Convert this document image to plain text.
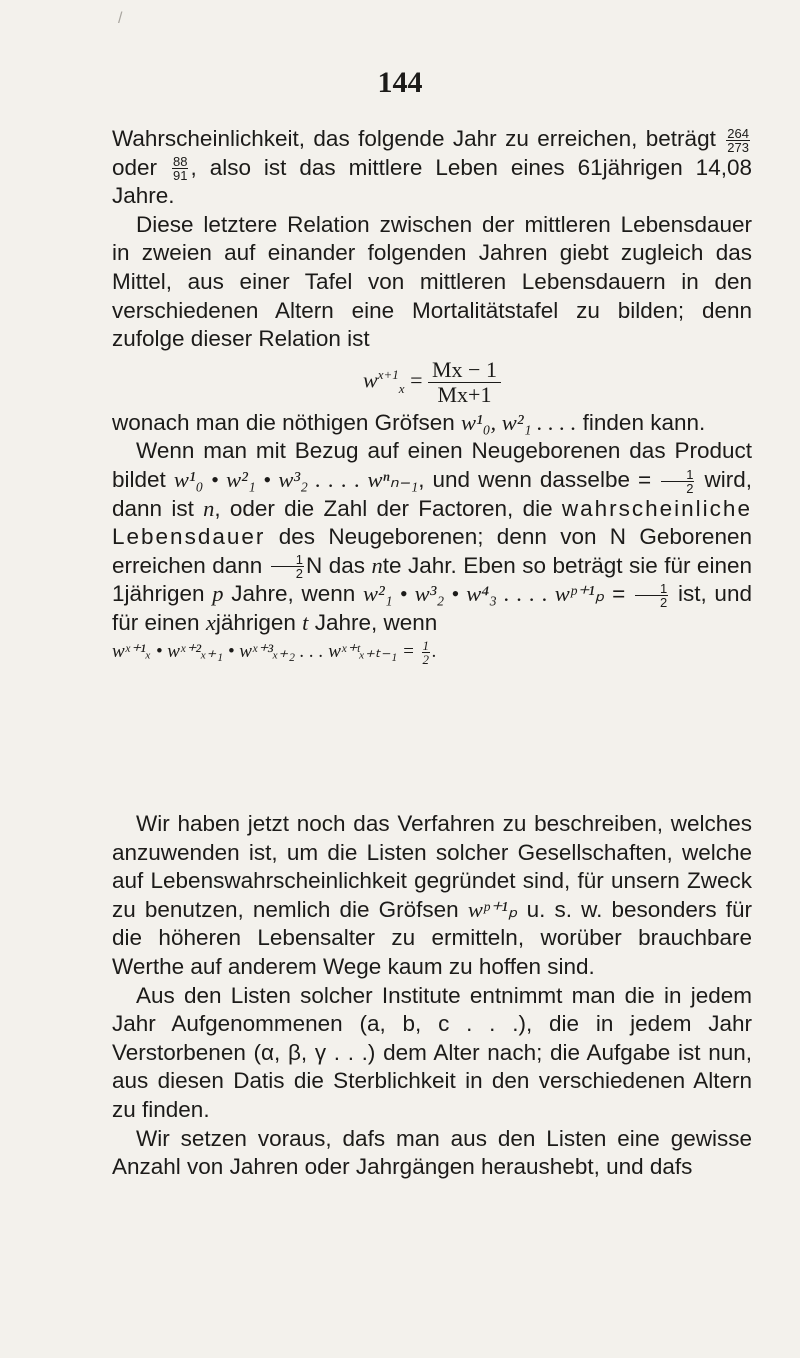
/
144

Wahrscheinlichkeit, das folgende Jahr zu erreichen, beträgt $\frac{264}{273}$
oder $\frac{88}{91}$ , also ist das mittlere Leben eines 61jährigen 14,08 Jahre.

Diese letztere Relation zwischen der mittleren Lebensdauer in zweien auf einander folgenden Jahren giebt zugleich das Mittel, aus einer Tafel von mittleren Lebensdauern in den verschiedenen Altern eine Mortalitätstafel zu bilden; denn zufolge dieser Relation ist

$w^{x+1}_x = \frac{Mx - 1}{Mx+1}$

wonach man die nöthigen Gröfsen w¹₀, w²₁ . . . . finden kann.

Wenn man mit Bezug auf einen Neugeborenen das Product bildet w¹₀ • w²₁ • w³₂ . . . . wⁿₙ₋₁, und wenn dasselbe = $\frac{1}{2}$ wird, dann ist n, oder die Zahl der Factoren, die wahrscheinliche Lebensdauer des Neugeborenen; denn von N Geborenen erreichen dann $\frac{1}{2}$ N das nte Jahr. Eben so beträgt sie für einen 1jährigen p Jahre, wenn w²₁ • w³₂ • w⁴₃ . . . . wᵖ⁺¹ₚ = $\frac{1}{2}$ ist, und für einen xjährigen t Jahre, wenn

wˣ⁺¹ₓ • wˣ⁺²ₓ₊₁ • wˣ⁺³ₓ₊₂ . . . wˣ⁺ᵗₓ₊ₜ₋₁ = $\frac{1}{2}$ .

Wir haben jetzt noch das Verfahren zu beschreiben, welches anzuwenden ist, um die Listen solcher Gesellschaften, welche auf Lebenswahrscheinlichkeit gegründet sind, für unsern Zweck zu benutzen, nemlich die Gröfsen wᵖ⁺¹ₚ u. s. w. besonders für die höheren Lebensalter zu ermitteln, worüber brauchbare Werthe auf anderem Wege kaum zu hoffen sind.

Aus den Listen solcher Institute entnimmt man die in jedem Jahr Aufgenommenen (a, b, c . . .), die in jedem Jahr Verstorbenen (α, β, γ . . .) dem Alter nach; die Aufgabe ist nun, aus diesen Datis die Sterblichkeit in den verschiedenen Altern zu finden.

Wir setzen voraus, dafs man aus den Listen eine gewisse Anzahl von Jahren oder Jahrgängen heraushebt, und dafs
